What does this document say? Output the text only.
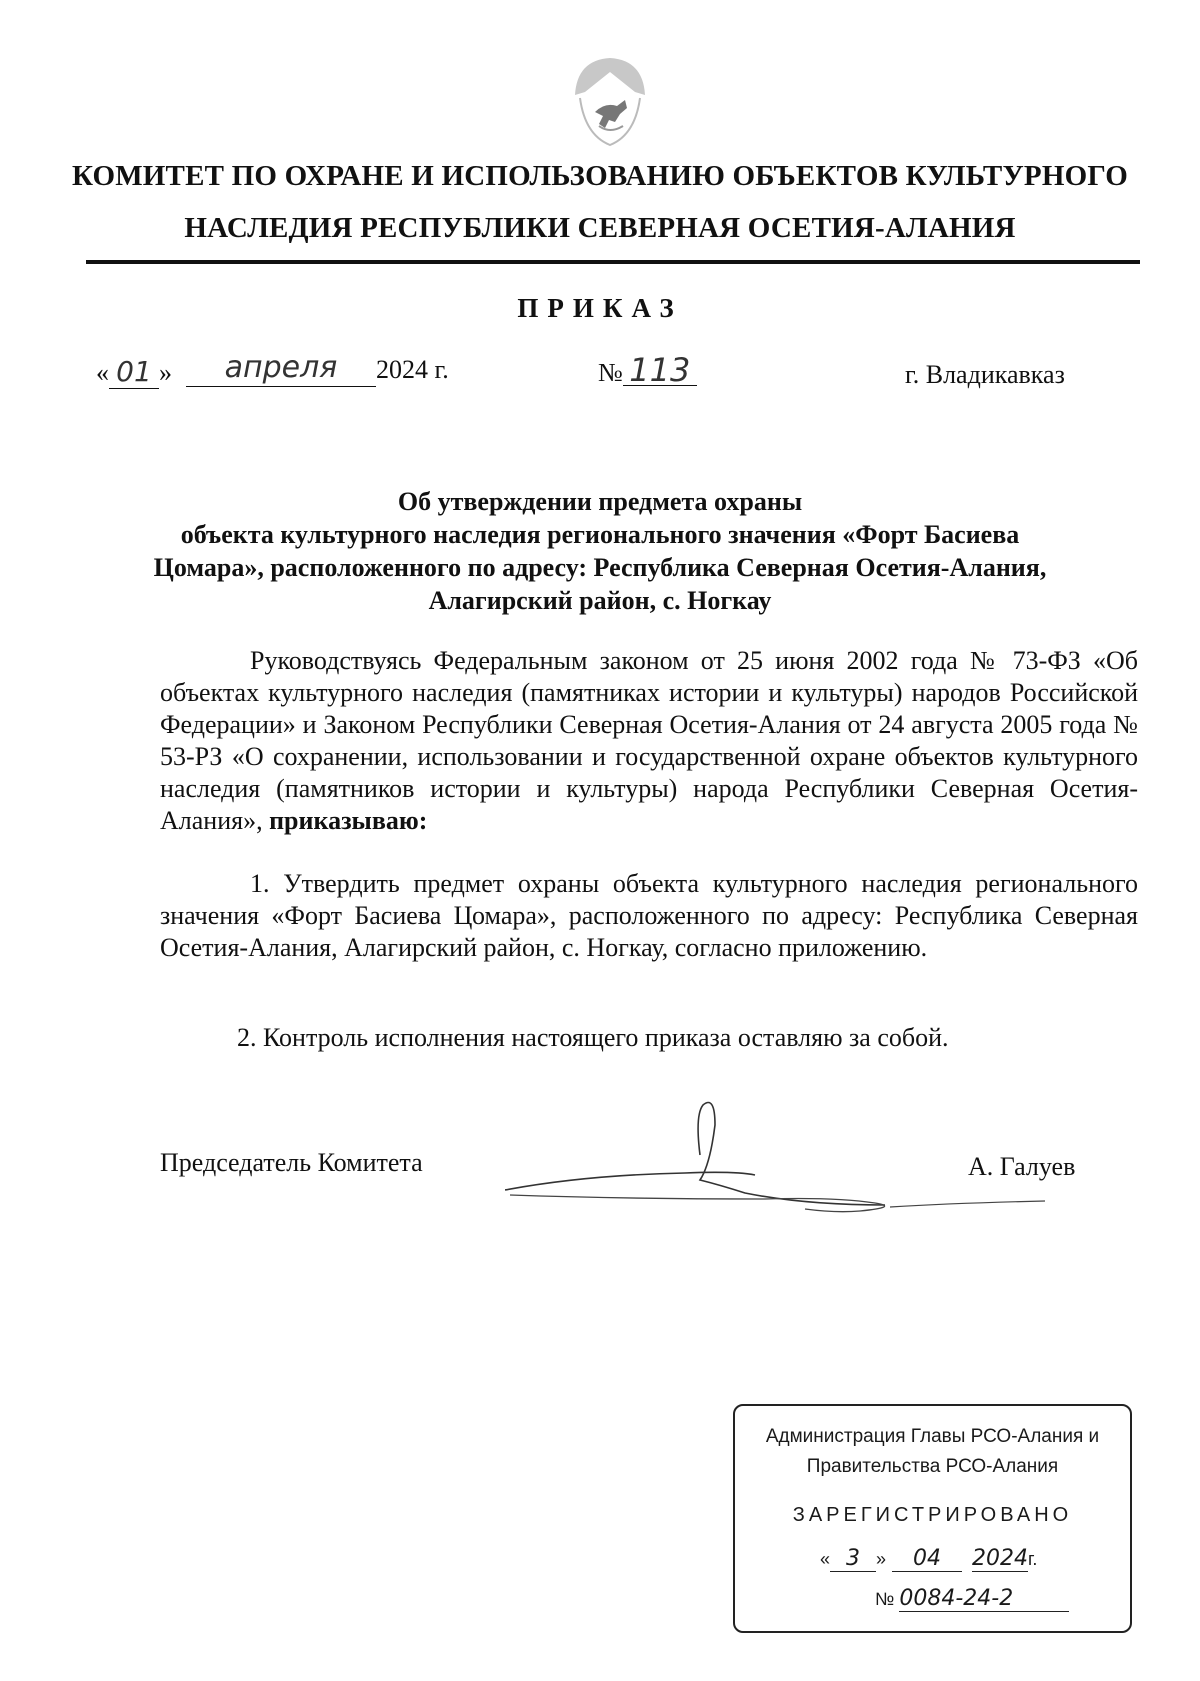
КОМИТЕТ ПО ОХРАНЕ И ИСПОЛЬЗОВАНИЮ ОБЪЕКТОВ КУЛЬТУРНОГО
НАСЛЕДИЯ РЕСПУБЛИКИ СЕВЕРНАЯ ОСЕТИЯ-АЛАНИЯ
ПРИКАЗ
« 01 »	апреля	2024 г.	№ 113	г. Владикавказ
Об утверждении предмета охраны
объекта культурного наследия регионального значения «Форт Басиева Цомара», расположенного по адресу: Республика Северная Осетия-Алания, Алагирский район, с. Ногкау
Руководствуясь Федеральным законом от 25 июня 2002 года № 73-ФЗ «Об объектах культурного наследия (памятниках истории и культуры) народов Российской Федерации» и Законом Республики Северная Осетия-Алания от 24 августа 2005 года № 53-РЗ «О сохранении, использовании и государственной охране объектов культурного наследия (памятников истории и культуры) народа Республики Северная Осетия-Алания», приказываю:
1. Утвердить предмет охраны объекта культурного наследия регионального значения «Форт Басиева Цомара», расположенного по адресу: Республика Северная Осетия-Алания, Алагирский район, с. Ногкау, согласно приложению.
2. Контроль исполнения настоящего приказа оставляю за собой.
Председатель Комитета	А. Галуев
Администрация Главы РСО-Алания и
Правительства РСО-Алания
ЗАРЕГИСТРИРОВАНО
« 3 »	04	2024г.
№ 0084-24-2
